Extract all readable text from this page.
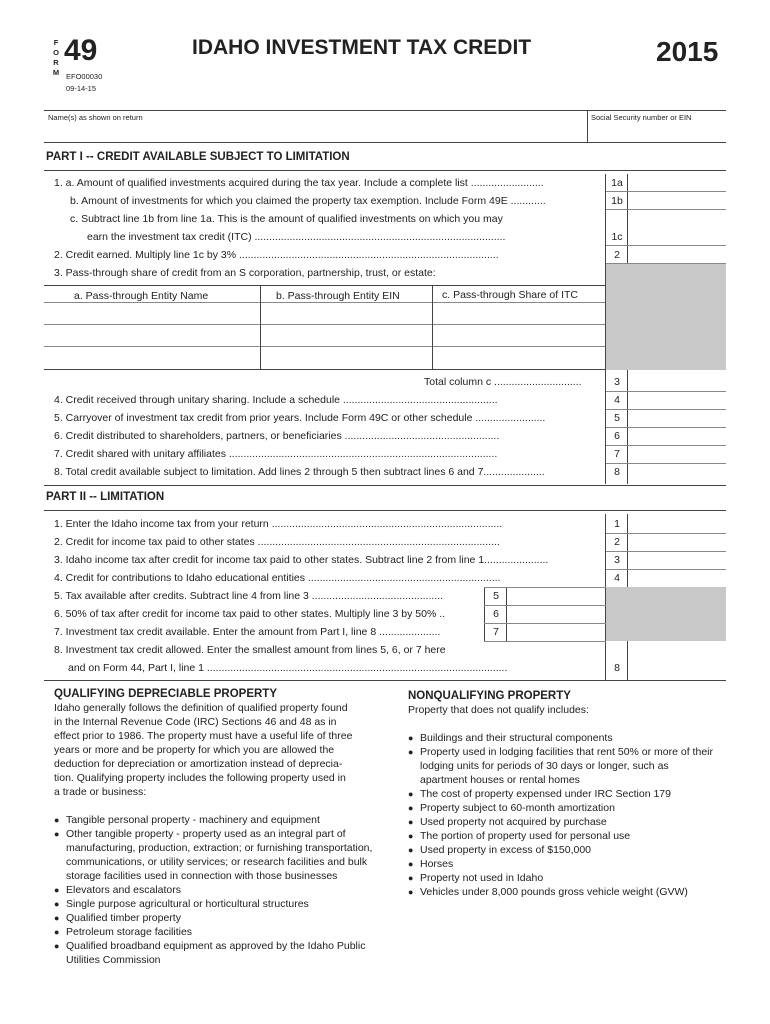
F
O
R
M
49
EFO00030
09-14-15
IDAHO INVESTMENT TAX CREDIT	2015
Name(s) as shown on return	Social Security number or EIN
PART I -- CREDIT AVAILABLE SUBJECT TO LIMITATION
1. a. Amount of qualified investments acquired during the tax year. Include a complete list .........................	1a
b. Amount of investments for which you claimed the property tax exemption. Include Form 49E ............	1b
c. Subtract line 1b from line 1a. This is the amount of qualified investments on which you may
earn the investment tax credit (ITC) ......................................................................................	1c
2. Credit earned. Multiply line 1c by 3% .........................................................................................	2
3. Pass-through share of credit from an S corporation, partnership, trust, or estate:
a. Pass-through Entity Name	b. Pass-through Entity EIN	c. Pass-through Share of ITC
Total column c ..............................	3
4. Credit received through unitary sharing. Include a schedule .....................................................	4
5. Carryover of investment tax credit from prior years. Include Form 49C or other schedule ........................	5
6. Credit distributed to shareholders, partners, or beneficiaries .....................................................	6
7. Credit shared with unitary affiliates ............................................................................................	7
8. Total credit available subject to limitation. Add lines 2 through 5 then subtract lines 6 and 7.....................	8
PART II -- LIMITATION
1. Enter the Idaho income tax from your return ...............................................................................	1
2. Credit for income tax paid to other states ...................................................................................	2
3. Idaho income tax after credit for income tax paid to other states. Subtract line 2 from line 1......................	3
4. Credit for contributions to Idaho educational entities ..................................................................	4
5. Tax available after credits. Subtract line 4 from line 3 .............................................	5
6. 50% of tax after credit for income tax paid to other states. Multiply line 3 by 50% ..	6
7. Investment tax credit available. Enter the amount from Part I, line 8 .....................	7
8. Investment tax credit allowed. Enter the smallest amount from lines 5, 6, or 7 here
and on Form 44, Part I, line 1 .......................................................................................................	8
QUALIFYING DEPRECIABLE PROPERTY
Idaho generally follows the definition of qualified property found
in the Internal Revenue Code (IRC) Sections 46 and 48 as in
effect prior to 1986. The property must have a useful life of three
years or more and be property for which you are allowed the
deduction for depreciation or amortization instead of deprecia-
tion. Qualifying property includes the following property used in
a trade or business:
● Tangible personal property - machinery and equipment
● Other tangible property - property used as an integral part of manufacturing, production, extraction; or furnishing transportation, communications, or utility services; or research facilities and bulk storage facilities used in connection with those businesses
● Elevators and escalators
● Single purpose agricultural or horticultural structures
● Qualified timber property
● Petroleum storage facilities
● Qualified broadband equipment as approved by the Idaho Public Utilities Commission
NONQUALIFYING PROPERTY
Property that does not qualify includes:
● Buildings and their structural components
● Property used in lodging facilities that rent 50% or more of their lodging units for periods of 30 days or longer, such as apartment houses or rental homes
● The cost of property expensed under IRC Section 179
● Property subject to 60-month amortization
● Used property not acquired by purchase
● The portion of property used for personal use
● Used property in excess of $150,000
● Horses
● Property not used in Idaho
● Vehicles under 8,000 pounds gross vehicle weight (GVW)
